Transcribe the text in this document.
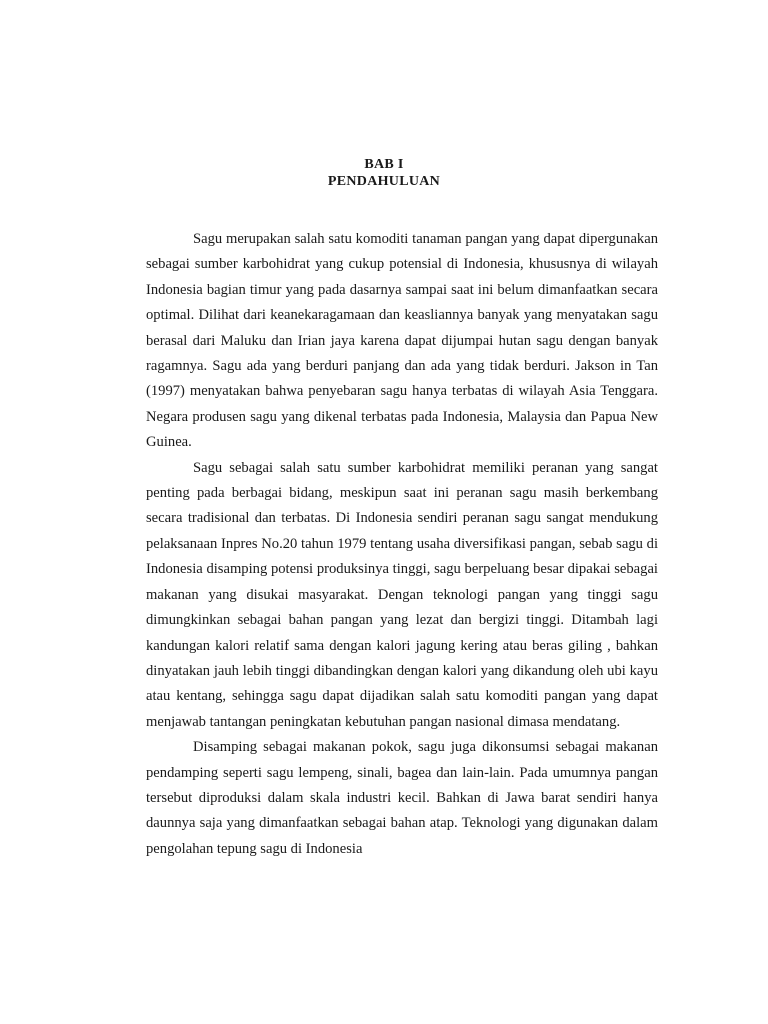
BAB I
PENDAHULUAN

Sagu merupakan salah satu komoditi tanaman pangan yang dapat dipergunakan sebagai sumber karbohidrat yang cukup potensial di Indonesia, khususnya di wilayah Indonesia bagian timur yang pada dasarnya sampai saat ini belum dimanfaatkan secara optimal. Dilihat dari keanekaragamaan dan keasliannya banyak yang menyatakan sagu berasal dari Maluku dan Irian jaya karena dapat dijumpai hutan sagu dengan banyak ragamnya. Sagu ada yang berduri panjang dan ada yang tidak berduri. Jakson in Tan (1997) menyatakan bahwa penyebaran sagu hanya terbatas di wilayah Asia Tenggara. Negara produsen sagu yang dikenal terbatas pada Indonesia, Malaysia dan Papua New Guinea.

Sagu sebagai salah satu sumber karbohidrat memiliki peranan yang sangat penting pada berbagai bidang, meskipun saat ini peranan sagu masih berkembang secara tradisional dan terbatas. Di Indonesia sendiri peranan sagu sangat mendukung pelaksanaan Inpres No.20 tahun 1979 tentang usaha diversifikasi pangan, sebab sagu di Indonesia disamping potensi produksinya tinggi, sagu berpeluang besar dipakai sebagai makanan yang disukai masyarakat. Dengan teknologi pangan yang tinggi sagu dimungkinkan sebagai bahan pangan yang lezat dan bergizi tinggi. Ditambah lagi kandungan kalori relatif sama dengan kalori jagung kering atau beras giling , bahkan dinyatakan jauh lebih tinggi dibandingkan dengan kalori yang dikandung oleh ubi kayu atau kentang, sehingga sagu dapat dijadikan salah satu komoditi pangan yang dapat menjawab tantangan peningkatan kebutuhan pangan nasional dimasa mendatang.

Disamping sebagai makanan pokok, sagu juga dikonsumsi sebagai makanan pendamping seperti sagu lempeng, sinali, bagea dan lain-lain. Pada umumnya pangan tersebut diproduksi dalam skala industri kecil. Bahkan di Jawa barat sendiri hanya daunnya saja yang dimanfaatkan sebagai bahan atap. Teknologi yang digunakan dalam pengolahan tepung sagu di Indonesia
